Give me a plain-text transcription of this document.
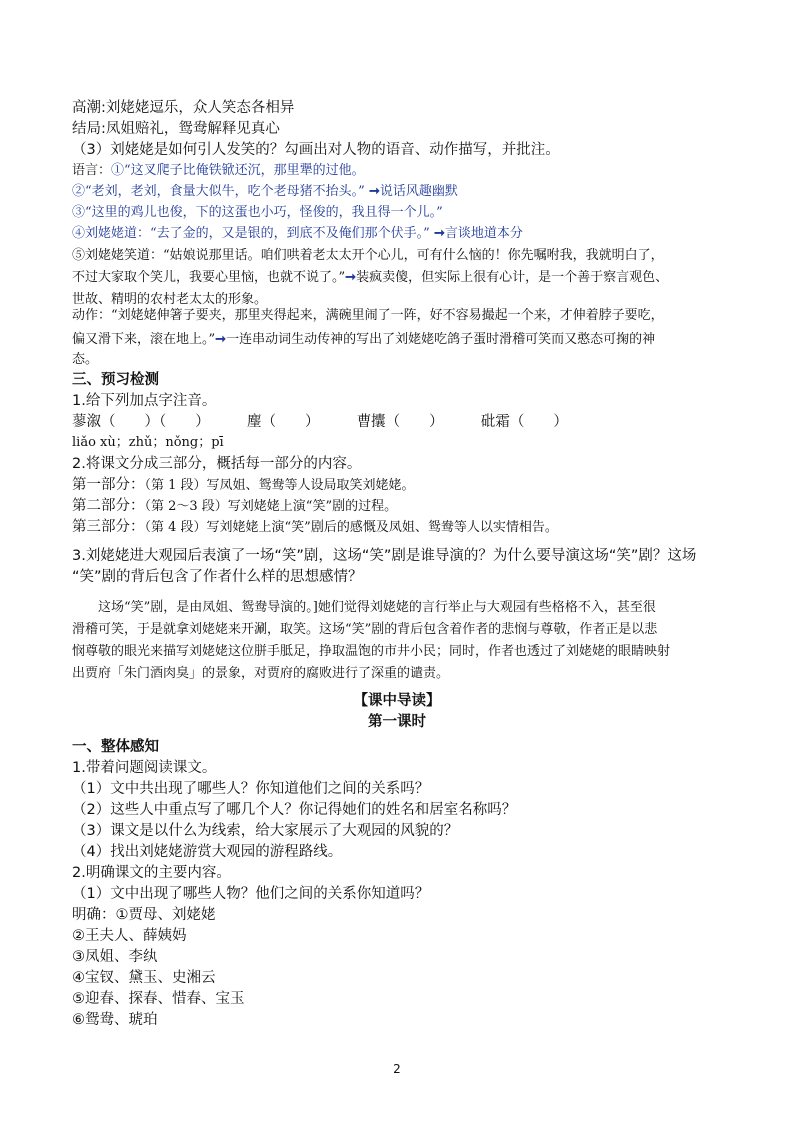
高潮:刘姥姥逗乐，众人笑态各相异
结局:凤姐赔礼，鸳鸯解释见真心
（3）刘姥姥是如何引人发笑的？勾画出对人物的语音、动作描写，并批注。
语言：①“这叉爬子比俺铁锨还沉，那里犟的过他。
②“老刘，老刘，食量大似牛，吃个老母猪不抬头。” ➞说话风趣幽默
③“这里的鸡儿也俊，下的这蛋也小巧，怪俊的，我且得一个儿。”
④刘姥姥道：“去了金的，又是银的，到底不及俺们那个伏手。” ➞言谈地道本分
⑤刘姥姥笑道：“姑娘说那里话。咱们哄着老太太开个心儿，可有什么恼的！你先嘱咐我，我就明白了，
不过大家取个笑儿，我要心里恼，也就不说了。”➞装疯卖傻，但实际上很有心计，是一个善于察言观色、
世故、精明的农村老太太的形象。
动作：“刘姥姥伸箸子要夹，那里夹得起来，满碗里闹了一阵，好不容易撮起一个来，才伸着脖子要吃，
偏又滑下来，滚在地上。”➞一连串动词生动传神的写出了刘姥姥吃鸽子蛋时滑稽可笑而又憨态可掬的神
态。
三、预习检测
1.给下列加点字注音。
蓼溆（　　）（　　）	麈（　　）	曹攮（　　）	砒霜（　　）
liǎo xù；zhǔ；nǒng；pī
2.将课文分成三部分，概括每一部分的内容。
第一部分：（第 1 段）写凤姐、鸳鸯等人设局取笑刘姥姥。
第二部分：（第 2～3 段）写刘姥姥上演“笑”剧的过程。
第三部分：（第 4 段）写刘姥姥上演“笑”剧后的感慨及凤姐、鸳鸯等人以实情相告。
3.刘姥姥进大观园后表演了一场“笑”剧，这场“笑”剧是谁导演的？为什么要导演这场“笑”剧？这场
“笑”剧的背后包含了作者什么样的思想感情？
这场“笑”剧，是由凤姐、鸳鸯导演的。]她们觉得刘姥姥的言行举止与大观园有些格格不入，甚至很
滑稽可笑，于是就拿刘姥姥来开涮，取笑。这场“笑”剧的背后包含着作者的悲悯与尊敬，作者正是以悲
悯尊敬的眼光来描写刘姥姥这位胼手胝足，挣取温饱的市井小民；同时，作者也透过了刘姥姥的眼睛映射
出贾府「朱门酒肉臭」的景象，对贾府的腐败进行了深重的谴责。
【课中导读】
第一课时
一、整体感知
1.带着问题阅读课文。
（1）文中共出现了哪些人？你知道他们之间的关系吗？
（2）这些人中重点写了哪几个人？你记得她们的姓名和居室名称吗？
（3）课文是以什么为线索，给大家展示了大观园的风貌的？
（4）找出刘姥姥游赏大观园的游程路线。
2.明确课文的主要内容。
（1）文中出现了哪些人物？他们之间的关系你知道吗？
明确：①贾母、刘姥姥
②王夫人、薛姨妈
③凤姐、李纨
④宝钗、黛玉、史湘云
⑤迎春、探春、惜春、宝玉
⑥鸳鸯、琥珀
2
